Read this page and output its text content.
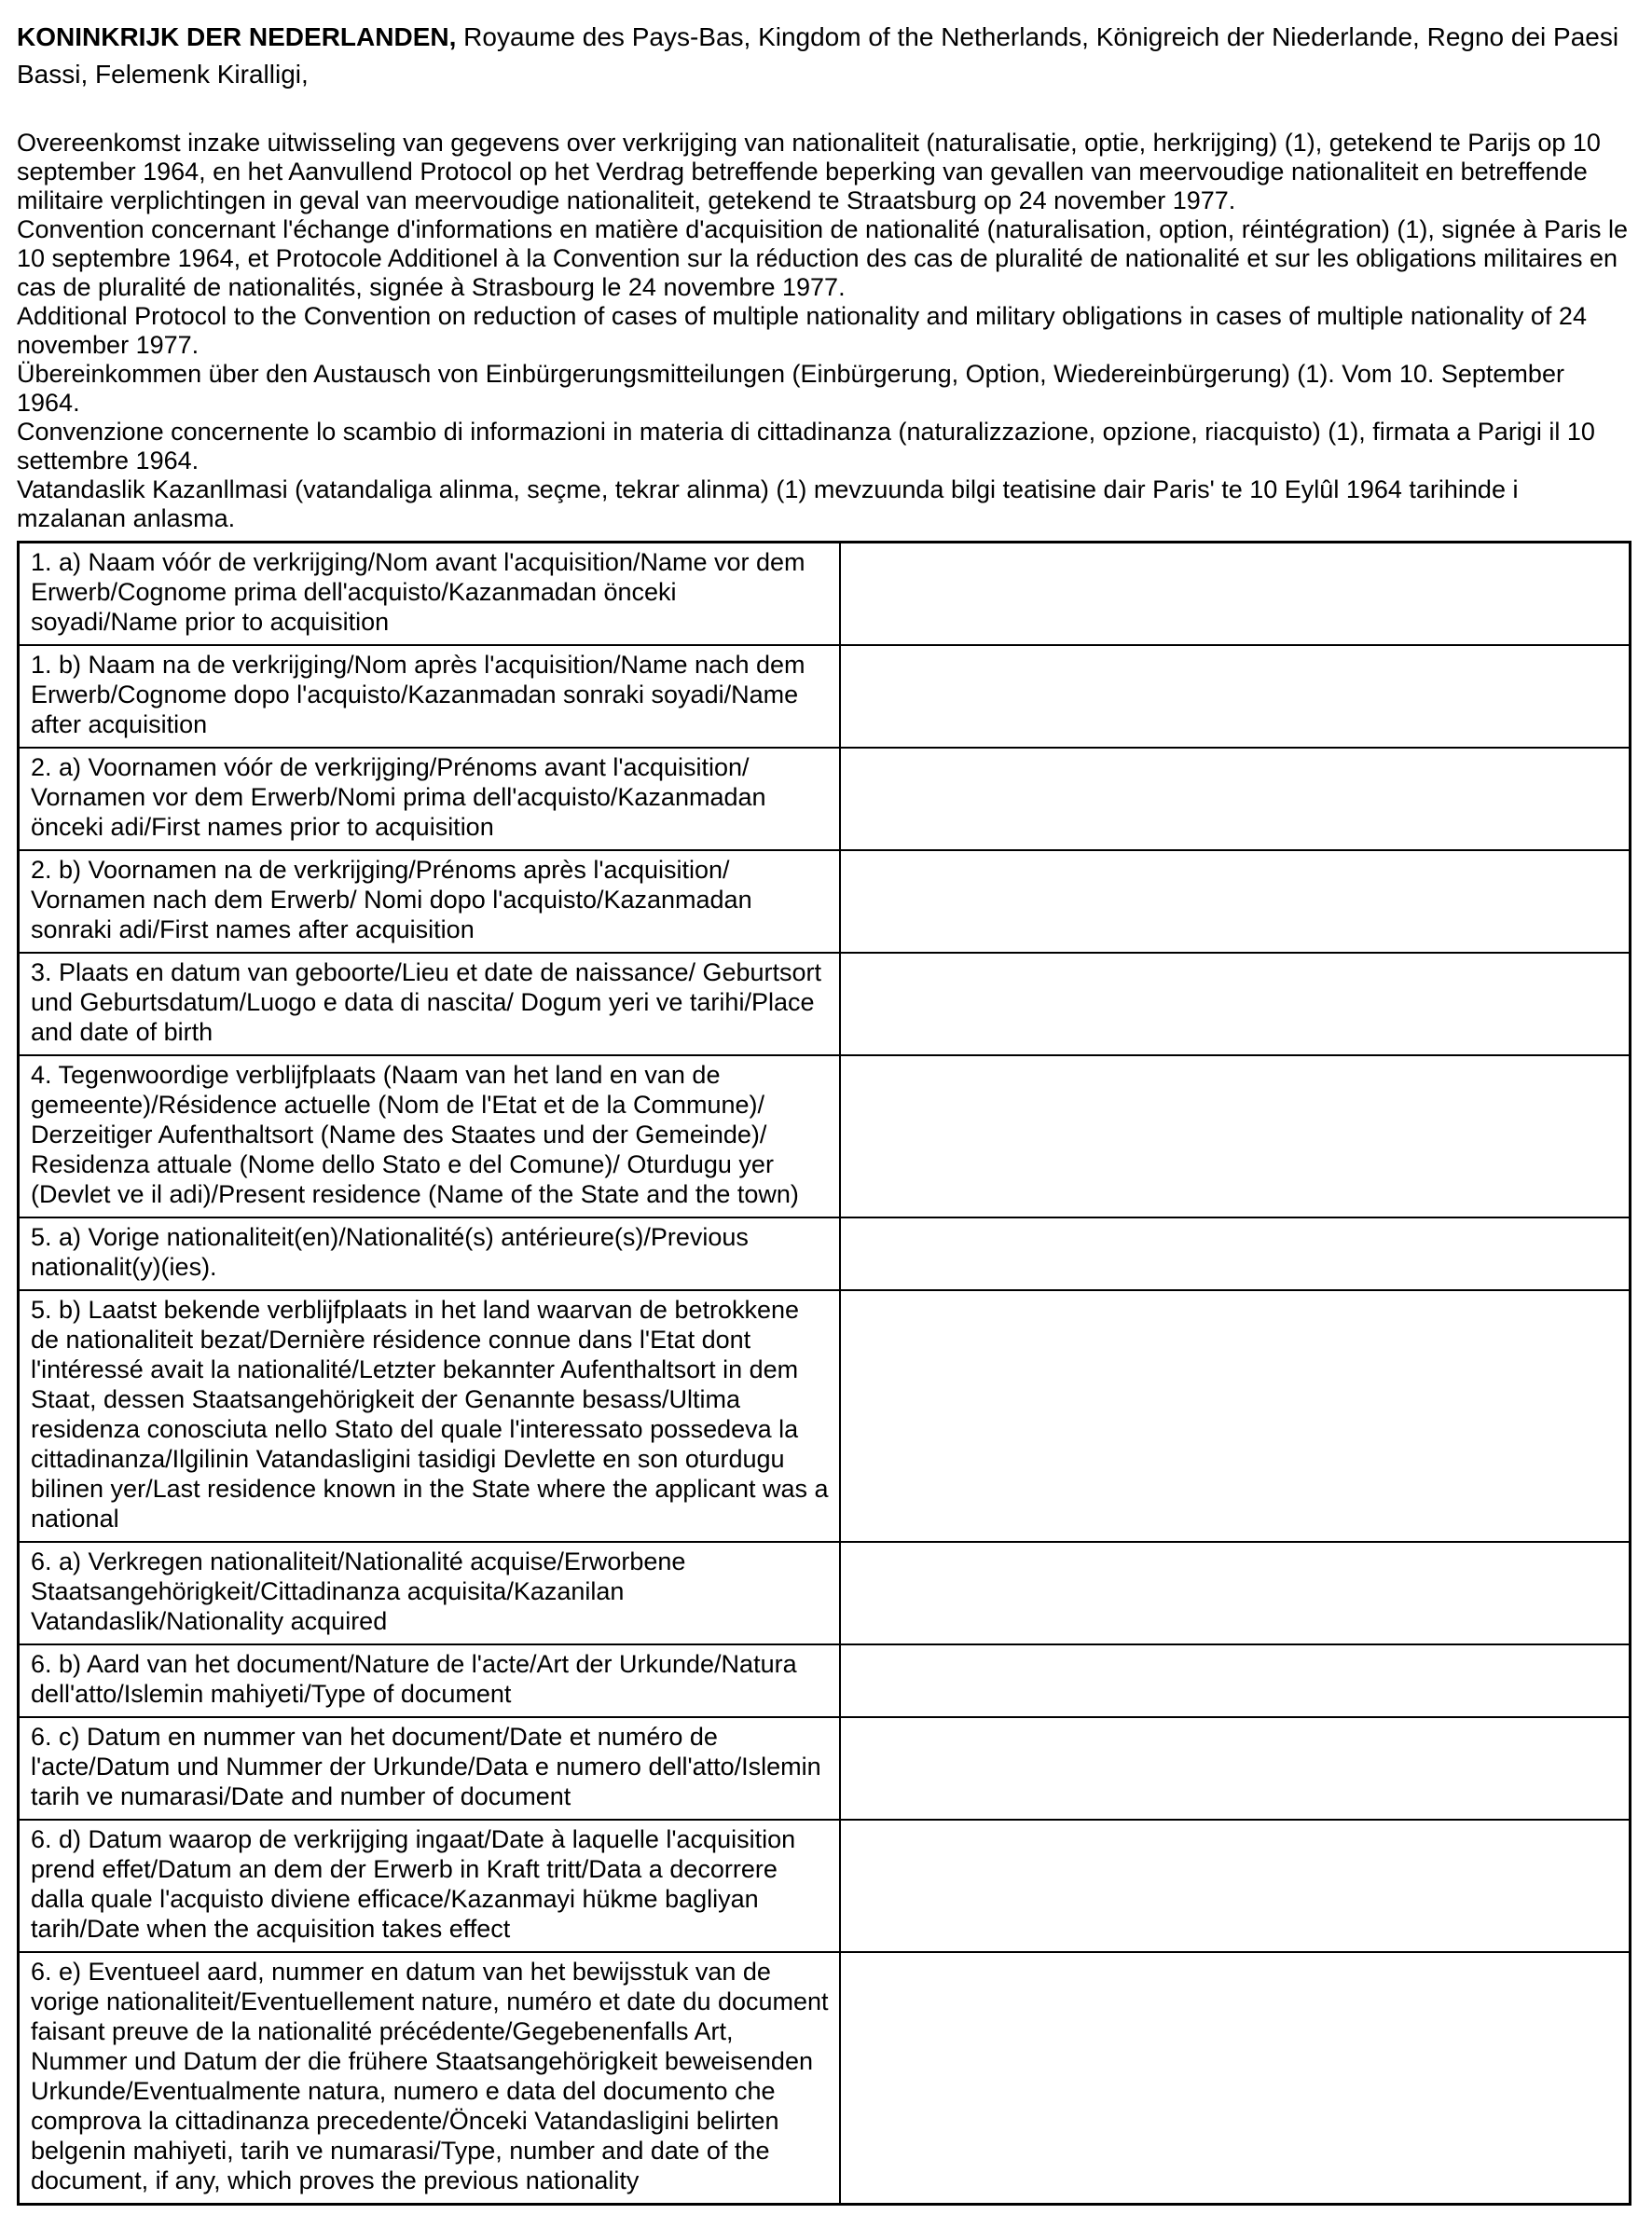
KONINKRIJK DER NEDERLANDEN, Royaume des Pays-Bas, Kingdom of the Netherlands, Königreich der Niederlande, Regno dei Paesi Bassi, Felemenk Kiralligi,

Overeenkomst inzake uitwisseling van gegevens over verkrijging van nationaliteit (naturalisatie, optie, herkrijging) (1), getekend te Parijs op 10 september 1964, en het Aanvullend Protocol op het Verdrag betreffende beperking van gevallen van meervoudige nationaliteit en betreffende militaire verplichtingen in geval van meervoudige nationaliteit, getekend te Straatsburg op 24 november 1977.

Convention concernant l'échange d'informations en matière d'acquisition de nationalité (naturalisation, option, réintégration) (1), signée à Paris le 10 septembre 1964, et Protocole Additionel à la Convention sur la réduction des cas de pluralité de nationalité et sur les obligations militaires en cas de pluralité de nationalités, signée à Strasbourg le 24 novembre 1977.

Additional Protocol to the Convention on reduction of cases of multiple nationality and military obligations in cases of multiple nationality of 24 november 1977.

Übereinkommen über den Austausch von Einbürgerungsmitteilungen (Einbürgerung, Option, Wiedereinbürgerung) (1). Vom 10. September 1964.

Convenzione concernente lo scambio di informazioni in materia di cittadinanza (naturalizzazione, opzione, riacquisto) (1), firmata a Parigi il 10 settembre 1964.

Vatandaslik Kazanllmasi (vatandaliga alinma, seçme, tekrar alinma) (1) mevzuunda bilgi teatisine dair Paris' te 10 Eylûl 1964 tarihinde i mzalanan anlasma.

1. a) Naam vóór de verkrijging/Nom avant l'acquisition/Name vor dem Erwerb/Cognome prima dell'acquisto/Kazanmadan önceki soyadi/Name prior to acquisition	
1. b) Naam na de verkrijging/Nom après l'acquisition/Name nach dem Erwerb/Cognome dopo l'acquisto/Kazanmadan sonraki soyadi/Name after acquisition	
2. a) Voornamen vóór de verkrijging/Prénoms avant l'acquisition/ Vornamen vor dem Erwerb/Nomi prima dell'acquisto/Kazanmadan önceki adi/First names prior to acquisition	
2. b) Voornamen na de verkrijging/Prénoms après l'acquisition/ Vornamen nach dem Erwerb/ Nomi dopo l'acquisto/Kazanmadan sonraki adi/First names after acquisition	
3. Plaats en datum van geboorte/Lieu et date de naissance/ Geburtsort und Geburtsdatum/Luogo e data di nascita/ Dogum yeri ve tarihi/Place and date of birth	
4. Tegenwoordige verblijfplaats (Naam van het land en van de gemeente)/Résidence actuelle (Nom de l'Etat et de la Commune)/ Derzeitiger Aufenthaltsort (Name des Staates und der Gemeinde)/ Residenza attuale (Nome dello Stato e del Comune)/ Oturdugu yer (Devlet ve il adi)/Present residence (Name of the State and the town)	
5. a) Vorige nationaliteit(en)/Nationalité(s) antérieure(s)/Previous nationalit(y)(ies).	
5. b) Laatst bekende verblijfplaats in het land waarvan de betrokkene de nationaliteit bezat/Dernière résidence connue dans l'Etat dont l'intéressé avait la nationalité/Letzter bekannter Aufenthaltsort in dem Staat, dessen Staatsangehörigkeit der Genannte besass/Ultima residenza conosciuta nello Stato del quale l'interessato possedeva la cittadinanza/Ilgilinin Vatandasligini tasidigi Devlette en son oturdugu bilinen yer/Last residence known in the State where the applicant was a national	
6. a) Verkregen nationaliteit/Nationalité acquise/Erworbene Staatsangehörigkeit/Cittadinanza acquisita/Kazanilan Vatandaslik/Nationality acquired	
6. b) Aard van het document/Nature de l'acte/Art der Urkunde/Natura dell'atto/Islemin mahiyeti/Type of document	
6. c) Datum en nummer van het document/Date et numéro de l'acte/Datum und Nummer der Urkunde/Data e numero dell'atto/Islemin tarih ve numarasi/Date and number of document	
6. d) Datum waarop de verkrijging ingaat/Date à laquelle l'acquisition prend effet/Datum an dem der Erwerb in Kraft tritt/Data a decorrere dalla quale l'acquisto diviene efficace/Kazanmayi hükme bagliyan tarih/Date when the acquisition takes effect	
6. e) Eventueel aard, nummer en datum van het bewijsstuk van de vorige nationaliteit/Eventuellement nature, numéro et date du document faisant preuve de la nationalité précédente/Gegebenenfalls Art, Nummer und Datum der die frühere Staatsangehörigkeit beweisenden Urkunde/Eventualmente natura, numero e data del documento che comprova la cittadinanza precedente/Önceki Vatandasligini belirten belgenin mahiyeti, tarih ve numarasi/Type, number and date of the document, if any, which proves the previous nationality	
